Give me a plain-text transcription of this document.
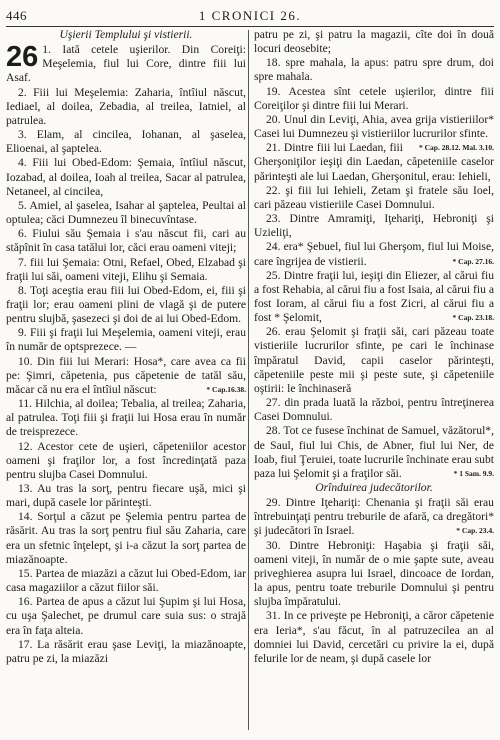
446	1 CRONICI 26.
Uşierii Templului şi vistierii.

26 1. Iată cetele uşierilor. Din Coreiţi: Meşelemia, fiul lui Core, dintre fiii lui Asaf.

2. Fiii lui Meşelemia: Zaharia, întîiul născut, Iediael, al doilea, Zebadia, al treilea, Iatniel, al patrulea.

3. Elam, al cincilea, Iohanan, al şaselea, Elioenai, al şaptelea.

4. Fiii lui Obed-Edom: Şemaia, întîiul născut, Iozabad, al doilea, Ioah al treilea, Sacar al patrulea, Netaneel, al cincilea,

5. Amiel, al şaselea, Isahar al şaptelea, Peultai al optulea; căci Dumnezeu îl binecuvîntase.

6. Fiului său Şemaia i s'au născut fii, cari au stăpînit în casa tatălui lor, căci erau oameni viteji;

7. fiii lui Şemaia: Otni, Refael, Obed, Elzabad şi fraţii lui săi, oameni viteji, Elihu şi Semaia.

8. Toţi aceştia erau fiii lui Obed-Edom, ei, fiii şi fraţii lor; erau oameni plini de vlagă şi de putere pentru slujbă, şasezeci şi doi de ai lui Obed-Edom.

9. Fiii şi fraţii lui Meşelemia, oameni viteji, erau în număr de optsprezece. —

10. Din fiii lui Merari: Hosa*, care avea ca fii pe: Şimri, căpetenia, pus căpetenie de tatăl său, măcar că nu era el întîiul născut:	* Cap.16.38.

11. Hilchia, al doilea; Tebalia, al treilea; Zaharia, al patrulea. Toţi fiii şi fraţii lui Hosa erau în număr de treisprezece.

12. Acestor cete de uşieri, căpeteniilor acestor oameni şi fraţilor lor, a fost încredinţată paza pentru slujba Casei Domnului.

13. Au tras la sorţ, pentru fiecare uşă, mici şi mari, după casele lor părinteşti.

14. Sorţul a căzut pe Şelemia pentru partea de răsărit. Au tras la sorţ pentru fiul său Zaharia, care era un sfetnic înţelept, şi i-a căzut la sorţ partea de miazănoapte.

15. Partea de miazăzi a căzut lui Obed-Edom, iar casa magaziilor a căzut fiilor săi.

16. Partea de apus a căzut lui Şupim şi lui Hosa, cu uşa Şalechet, pe drumul care suia sus: o strajă era în faţa alteia.

17. La răsărit erau şase Leviţi, la miazănoapte, patru pe zi, la miazăzi

patru pe zi, şi patru la magazii, cîte doi în două locuri deosebite;

18. spre mahala, la apus: patru spre drum, doi spre mahala.

19. Acestea sînt cetele uşierilor, dintre fiii Coreiţilor şi dintre fiii lui Merari.

20. Unul din Leviţi, Ahia, avea grija vistieriilor* Casei lui Dumnezeu şi vistieriilor lucrurilor sfinte.
* Cap. 28.12. Mal. 3.10.

21. Dintre fiii lui Laedan, fiii Gherşoniţilor ieşiţi din Laedan, căpeteniile caselor părinteşti ale lui Laedan, Gherşonitul, erau: Iehieli,

22. şi fiii lui Iehieli, Zetam şi fratele său Ioel, cari păzeau vistieriile Casei Domnului.

23. Dintre Amramiţi, Iţehariţi, Hebroniţi şi Uzieliţi,

24. era* Şebuel, fiul lui Gherşom, fiul lui Moise, care îngrijea de vistierii.	* Cap. 27.16.

25. Dintre fraţii lui, ieşiţi din Eliezer, al cărui fiu a fost Rehabia, al cărui fiu a fost Isaia, al cărui fiu a fost Ioram, al cărui fiu a fost Zicri, al cărui fiu a fost * Şelomit,	* Cap. 23.18.

26. erau Şelomit şi fraţii săi, cari păzeau toate vistieriile lucrurilor sfinte, pe cari le închinase împăratul David, capii caselor părinteşti, căpeteniile peste mii şi peste sute, şi căpeteniile oştirii: le închinaseră

27. din prada luată la război, pentru întreţinerea Casei Domnului.

28. Tot ce fusese închinat de Samuel, văzătorul*, de Saul, fiul lui Chis, de Abner, fiul lui Ner, de Ioab, fiul Ţeruiei, toate lucrurile închinate erau subt paza lui Şelomit şi a fraţilor săi.	* 1 Sam. 9.9.

Orînduirea judecătorilor.

29. Dintre Iţehariţi: Chenania şi fraţii săi erau întrebuinţaţi pentru treburile de afară, ca dregători* şi judecători în Israel.	* Cap. 23.4.

30. Dintre Hebroniţi: Haşabia şi fraţii săi, oameni viteji, în număr de o mie şapte sute, aveau priveghierea asupra lui Israel, dincoace de Iordan, la apus, pentru toate treburile Domnului şi pentru slujba împăratului.

31. In ce priveşte pe Hebroniţi, a căror căpetenie era Ieria*, s'au făcut, în al patruzecilea an al domniei lui David, cercetări cu privire la ei, după felurile lor de neam, şi după casele lor
